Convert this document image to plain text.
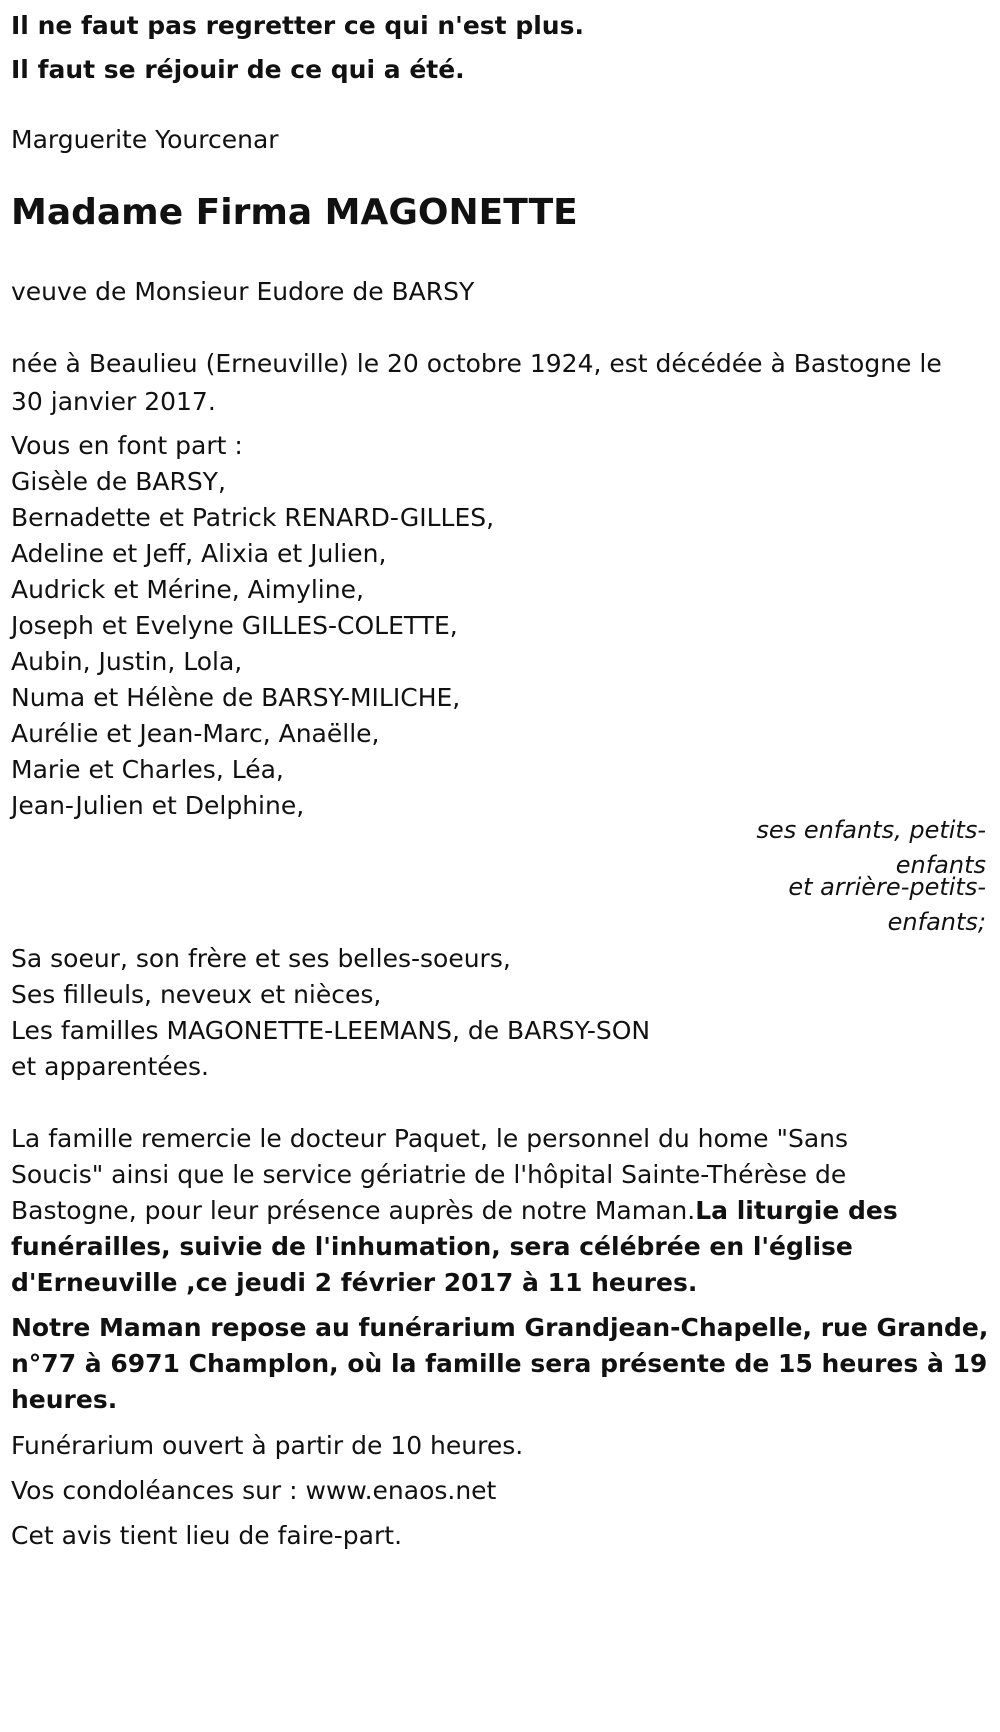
Il ne faut pas regretter ce qui n'est plus.
Il faut se réjouir de ce qui a été.
Marguerite Yourcenar
Madame Firma MAGONETTE
veuve de Monsieur Eudore de BARSY
née à Beaulieu (Erneuville) le 20 octobre 1924, est décédée à Bastogne le
30 janvier 2017.
Vous en font part :
Gisèle de BARSY,
Bernadette et Patrick RENARD-GILLES,
Adeline et Jeff, Alixia et Julien,
Audrick et Mérine, Aimyline,
Joseph et Evelyne GILLES-COLETTE,
Aubin, Justin, Lola,
Numa et Hélène de BARSY-MILICHE,
Aurélie et Jean-Marc, Anaëlle,
Marie et Charles, Léa,
Jean-Julien et Delphine,
ses enfants, petits-
enfants
et arrière-petits-
enfants;
Sa soeur, son frère et ses belles-soeurs,
Ses filleuls, neveux et nièces,
Les familles MAGONETTE-LEEMANS, de BARSY-SON
et apparentées.
La famille remercie le docteur Paquet, le personnel du home "Sans
Soucis" ainsi que le service gériatrie de l'hôpital Sainte-Thérèse de
Bastogne, pour leur présence auprès de notre Maman.La liturgie des
funérailles, suivie de l'inhumation, sera célébrée en l'église
d'Erneuville ,ce jeudi 2 février 2017 à 11 heures.
Notre Maman repose au funérarium Grandjean-Chapelle, rue Grande,
n°77 à 6971 Champlon, où la famille sera présente de 15 heures à 19
heures.
Funérarium ouvert à partir de 10 heures.
Vos condoléances sur : www.enaos.net
Cet avis tient lieu de faire-part.
